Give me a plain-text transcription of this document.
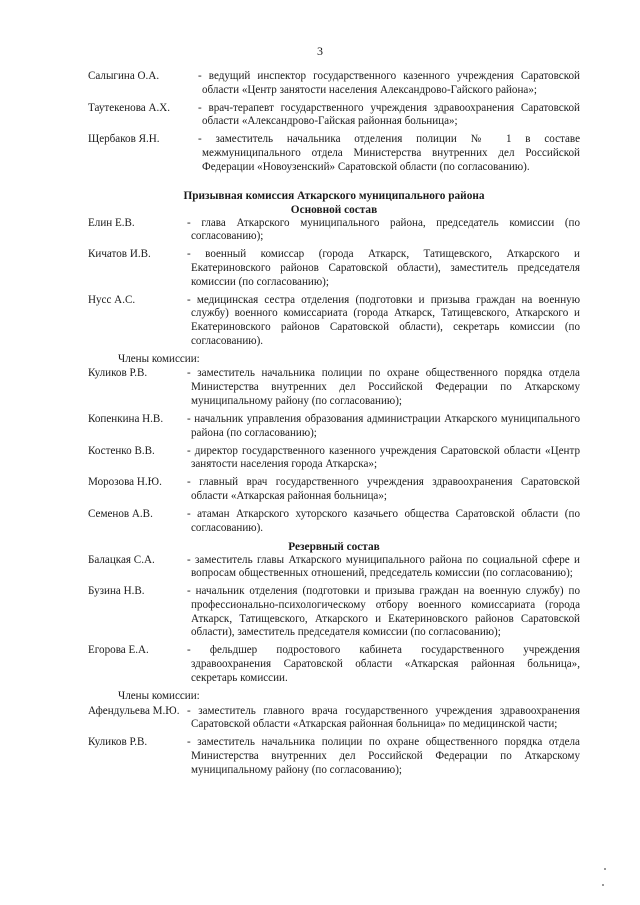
3
Салыгина О.А.	- ведущий инспектор государственного казенного учреждения Саратовской области «Центр занятости населения Александрово-Гайского района»;
Таутекенова А.Х.	- врач-терапевт государственного учреждения здравоохранения Саратовской области «Александрово-Гайская районная больница»;
Щербаков Я.Н.	- заместитель начальника отделения полиции № 1 в составе межмуниципального отдела Министерства внутренних дел Российской Федерации «Новоузенский» Саратовской области (по согласованию).
Призывная комиссия Аткарского муниципального района
Основной состав
Елин Е.В.	- глава Аткарского муниципального района, председатель комиссии (по согласованию);
Кичатов И.В.	- военный комиссар (города Аткарск, Татищевского, Аткарского и Екатериновского районов Саратовской области), заместитель председателя комиссии (по согласованию);
Нусс А.С.	- медицинская сестра отделения (подготовки и призыва граждан на военную службу) военного комиссариата (города Аткарск, Татищевского, Аткарского и Екатериновского районов Саратовской области), секретарь комиссии (по согласованию).
Члены комиссии:
Куликов Р.В.	- заместитель начальника полиции по охране общественного порядка отдела Министерства внутренних дел Российской Федерации по Аткарскому муниципальному району (по согласованию);
Копенкина Н.В.	- начальник управления образования администрации Аткарского муниципального района (по согласованию);
Костенко В.В.	- директор государственного казенного учреждения Саратовской области «Центр занятости населения города Аткарска»;
Морозова Н.Ю.	- главный врач государственного учреждения здравоохранения Саратовской области «Аткарская районная больница»;
Семенов А.В.	- атаман Аткарского хуторского казачьего общества Саратовской области (по согласованию).
Резервный состав
Балацкая С.А.	- заместитель главы Аткарского муниципального района по социальной сфере и вопросам общественных отношений, председатель комиссии (по согласованию);
Бузина Н.В.	- начальник отделения (подготовки и призыва граждан на военную службу) по профессионально-психологическому отбору военного комиссариата (города Аткарск, Татищевского, Аткарского и Екатериновского районов Саратовской области), заместитель председателя комиссии (по согласованию);
Егорова Е.А.	- фельдшер подростового кабинета государственного учреждения здравоохранения Саратовской области «Аткарская районная больница», секретарь комиссии.
Члены комиссии:
Афендульева М.Ю. - заместитель главного врача государственного учреждения здравоохранения Саратовской области «Аткарская районная больница» по медицинской части;
Куликов Р.В.	- заместитель начальника полиции по охране общественного порядка отдела Министерства внутренних дел Российской Федерации по Аткарскому муниципальному району (по согласованию);
